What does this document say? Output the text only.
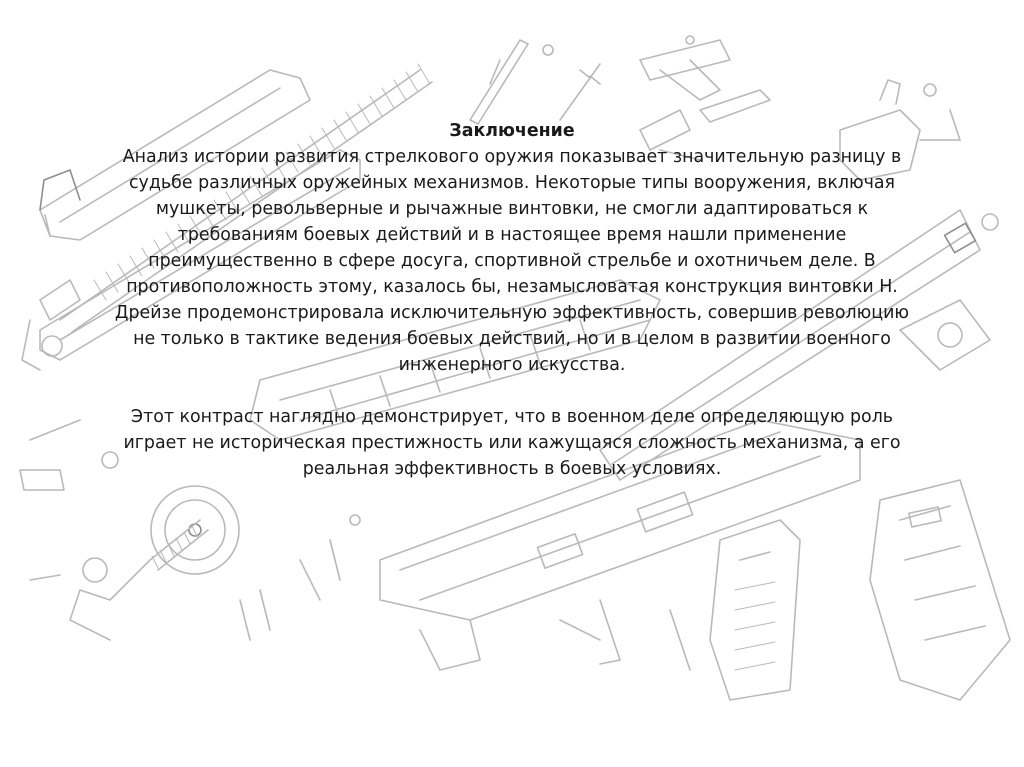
Заключение

Анализ истории развития стрелкового оружия показывает значительную разницу в
судьбе различных оружейных механизмов. Некоторые типы вооружения, включая
мушкеты, револьверные и рычажные винтовки, не смогли адаптироваться к
требованиям боевых действий и в настоящее время нашли применение
преимущественно в сфере досуга, спортивной стрельбе и охотничьем деле. В
противоположность этому, казалось бы, незамысловатая конструкция винтовки Н.
Дрейзе продемонстрировала исключительную эффективность, совершив революцию
не только в тактике ведения боевых действий, но и в целом в развитии военного
инженерного искусства.

Этот контраст наглядно демонстрирует, что в военном деле определяющую роль
играет не историческая престижность или кажущаяся сложность механизма, а его
реальная эффективность в боевых условиях.
